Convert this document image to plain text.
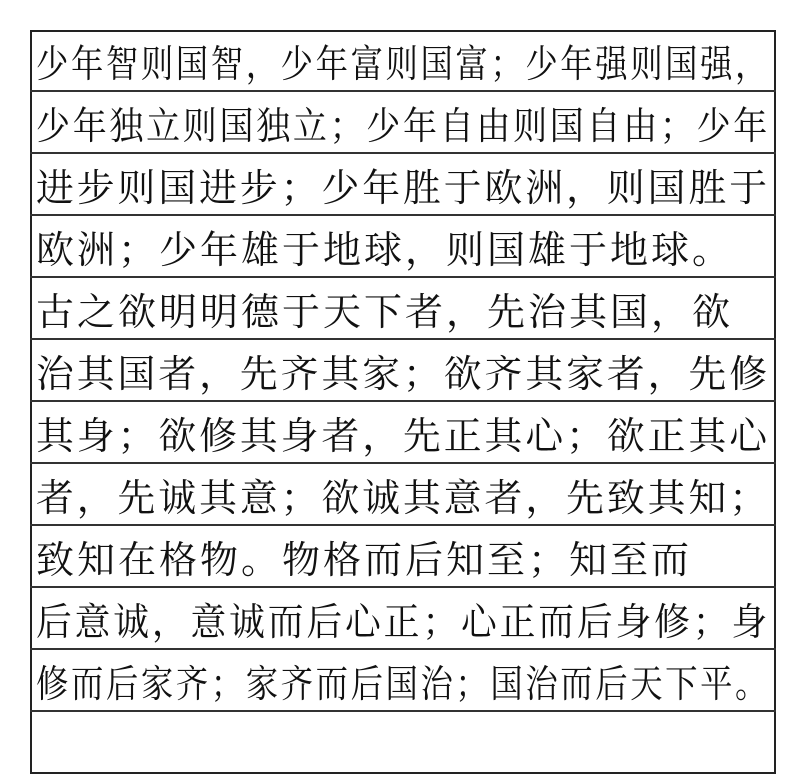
少年智则国智，少年富则国富；少年强则国强，
少年独立则国独立；少年自由则国自由；少年
进步则国进步；少年胜于欧洲，则国胜于
欧洲；少年雄于地球，则国雄于地球。
古之欲明明德于天下者，先治其国，欲
治其国者，先齐其家；欲齐其家者，先修
其身；欲修其身者，先正其心；欲正其心
者，先诚其意；欲诚其意者，先致其知；
致知在格物。物格而后知至；知至而
后意诚，意诚而后心正；心正而后身修；身
修而后家齐；家齐而后国治；国治而后天下平。
